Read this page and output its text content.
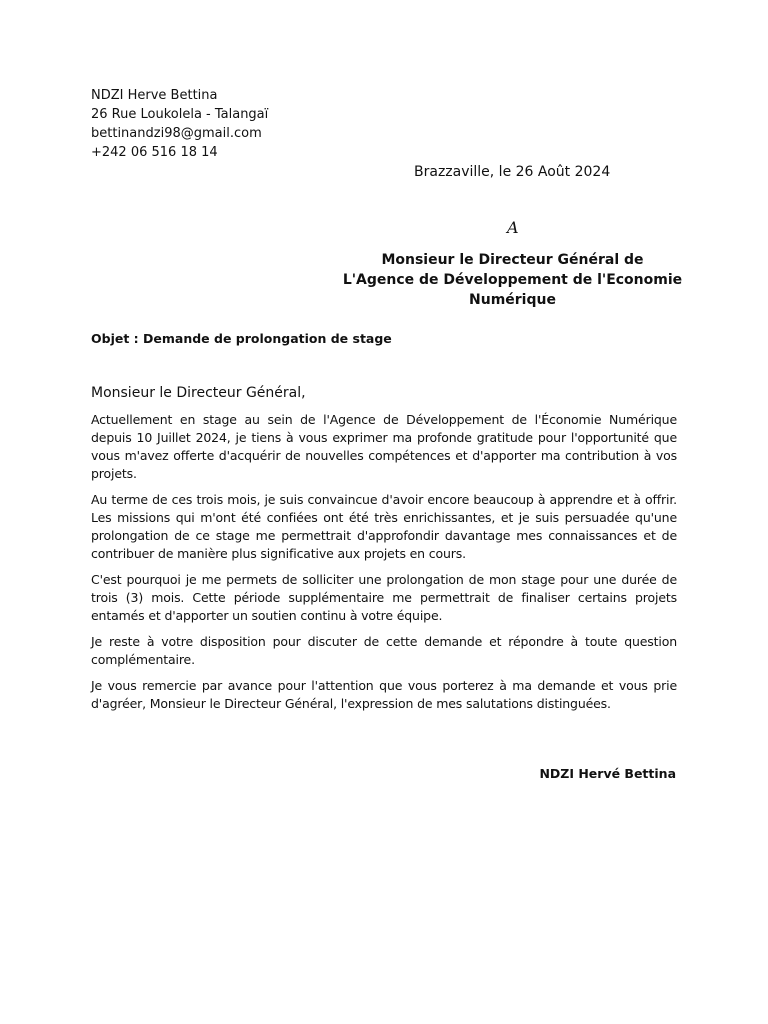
NDZI Herve Bettina
26 Rue Loukolela - Talangaï
bettinandzi98@gmail.com
+242 06 516 18 14
Brazzaville, le 26 Août 2024
A
Monsieur le Directeur Général de
L'Agence de Développement de l'Economie
Numérique
Objet : Demande de prolongation de stage
Monsieur le Directeur Général,

Actuellement en stage au sein de l'Agence de Développement de l'Économie Numérique depuis 10 Juillet 2024, je tiens à vous exprimer ma profonde gratitude pour l'opportunité que vous m'avez offerte d'acquérir de nouvelles compétences et d'apporter ma contribution à vos projets.

Au terme de ces trois mois, je suis convaincue d'avoir encore beaucoup à apprendre et à offrir. Les missions qui m'ont été confiées ont été très enrichissantes, et je suis persuadée qu'une prolongation de ce stage me permettrait d'approfondir davantage mes connaissances et de contribuer de manière plus significative aux projets en cours.

C'est pourquoi je me permets de solliciter une prolongation de mon stage pour une durée de trois (3) mois. Cette période supplémentaire me permettrait de finaliser certains projets entamés et d'apporter un soutien continu à votre équipe.

Je reste à votre disposition pour discuter de cette demande et répondre à toute question complémentaire.

Je vous remercie par avance pour l'attention que vous porterez à ma demande et vous prie d'agréer, Monsieur le Directeur Général, l'expression de mes salutations distinguées.

NDZI Hervé Bettina
